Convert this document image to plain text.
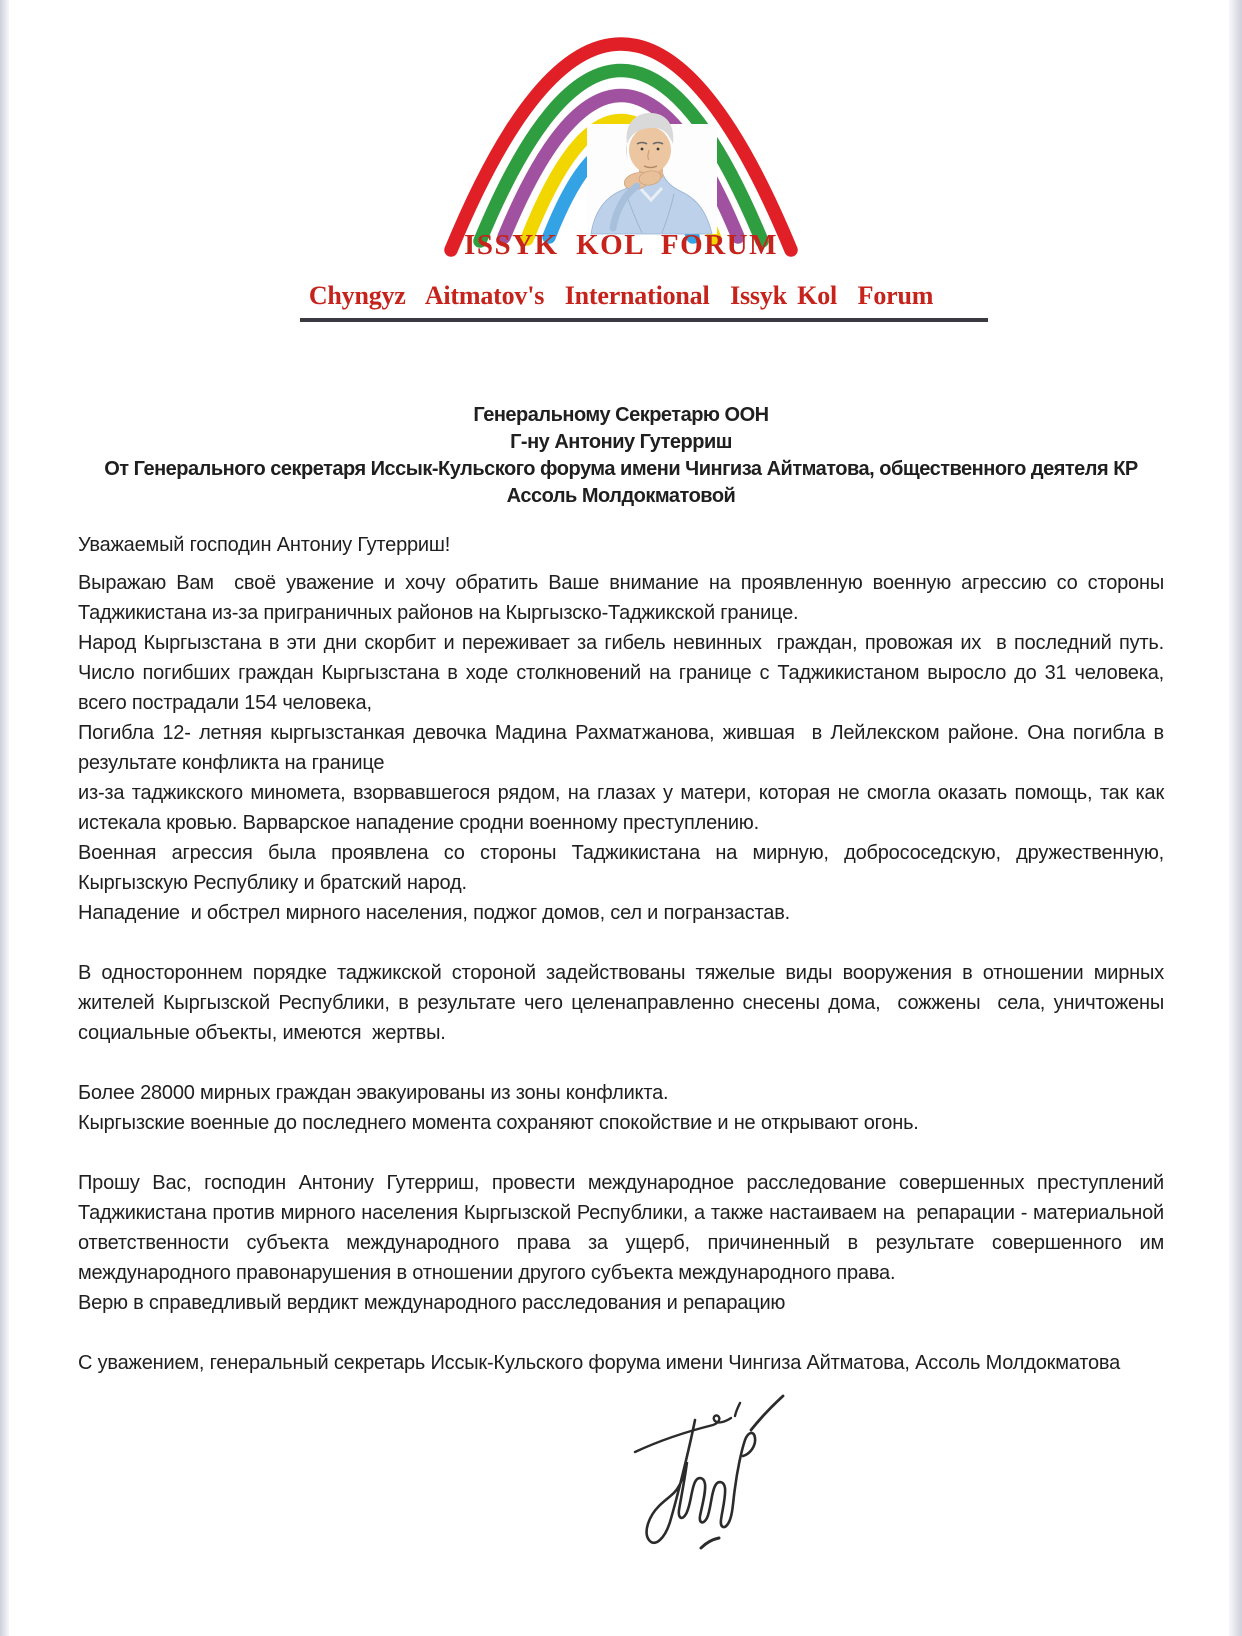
ISSYK  KOL  FORUM
Chyngyz  Aitmatov's  International  Issyk Kol  Forum
Генеральному Секретарю ООН
Г-ну Антониу Гутерриш
От Генерального секретаря Иссык-Кульского форума имени Чингиза Айтматова, общественного деятеля КР
Ассоль Молдокматовой
Уважаемый господин Антониу Гутерриш!
Выражаю Вам  своё уважение и хочу обратить Ваше внимание на проявленную военную агрессию со стороны Таджикистана из-за приграничных районов на Кыргызско-Таджикской границе.
Народ Кыргызстана в эти дни скорбит и переживает за гибель невинных  граждан, провожая их  в последний путь. Число погибших граждан Кыргызстана в ходе столкновений на границе с Таджикистаном выросло до 31 человека, всего пострадали 154 человека,
Погибла 12- летняя кыргызстанкая девочка Мадина Рахматжанова, жившая  в Лейлекском районе. Она погибла в результате конфликта на границе
из-за таджикского миномета, взорвавшегося рядом, на глазах у матери, которая не смогла оказать помощь, так как истекала кровью. Варварское нападение сродни военному преступлению.
Военная агрессия была проявлена со стороны Таджикистана на мирную, добрососедскую, дружественную, Кыргызскую Республику и братский народ.
Нападение  и обстрел мирного населения, поджог домов, сел и погранзастав.
В одностороннем порядке таджикской стороной задействованы тяжелые виды вооружения в отношении мирных жителей Кыргызской Республики, в результате чего целенаправленно снесены дома,  сожжены  села, уничтожены социальные объекты, имеются  жертвы.
Более 28000 мирных граждан эвакуированы из зоны конфликта.
Кыргызские военные до последнего момента сохраняют спокойствие и не открывают огонь.
Прошу Вас, господин Антониу Гутерриш, провести международное расследование совершенных преступлений Таджикистана против мирного населения Кыргызской Республики, а также настаиваем на  репарации - материальной ответственности субъекта международного права за ущерб, причиненный в результате совершенного им международного правонарушения в отношении другого субъекта международного права.
Верю в справедливый вердикт международного расследования и репарацию
С уважением, генеральный секретарь Иссык-Кульского форума имени Чингиза Айтматова, Ассоль Молдокматова
